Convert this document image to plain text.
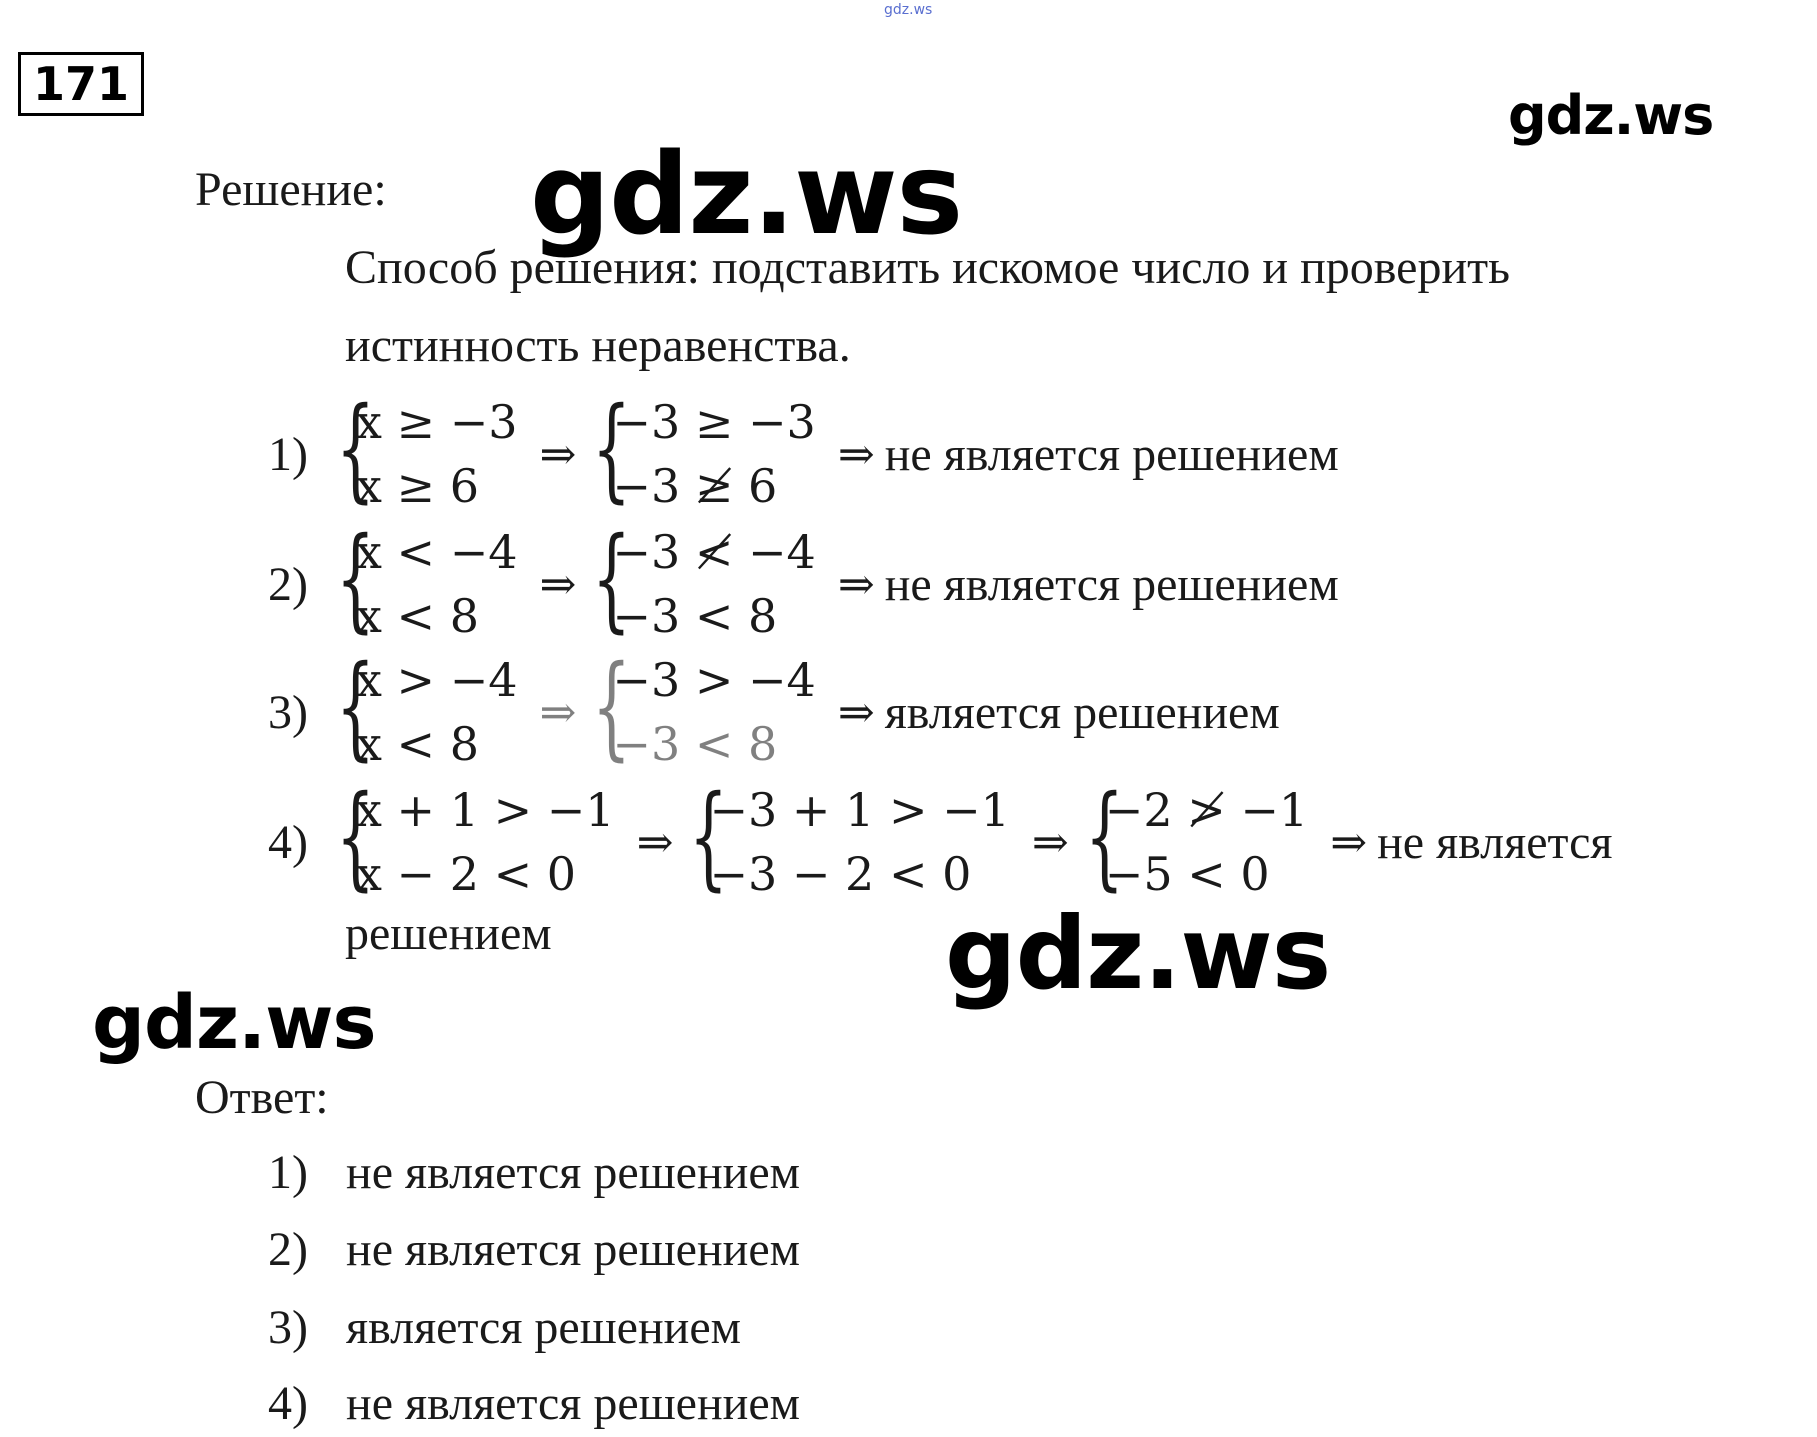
gdz.ws
gdz.ws
171
Решение:
Способ решения: подставить искомое число и проверить
истинность неравенства.
1) {
x ≥ −3
x ≥ 6
⇒ {
−3 ≥ −3
−3 ≱ 6
⇒ не является решением
2) {
x < −4
x < 8
⇒ {
−3 ≮ −4
−3 < 8
⇒ не является решением
3) {
x > −4
x < 8
⇒ {
−3 > −4
−3 < 8
⇒ является решением
4) {
x + 1 > −1
x − 2 < 0
⇒ {
−3 + 1 > −1
−3 − 2 < 0
⇒ {
−2 ≯ −1
−5 < 0
⇒ не является
решением
Ответ:
1) не является решением
2) не является решением
3) является решением
4) не является решением
gdz.ws
gdz.ws
gdz.ws
